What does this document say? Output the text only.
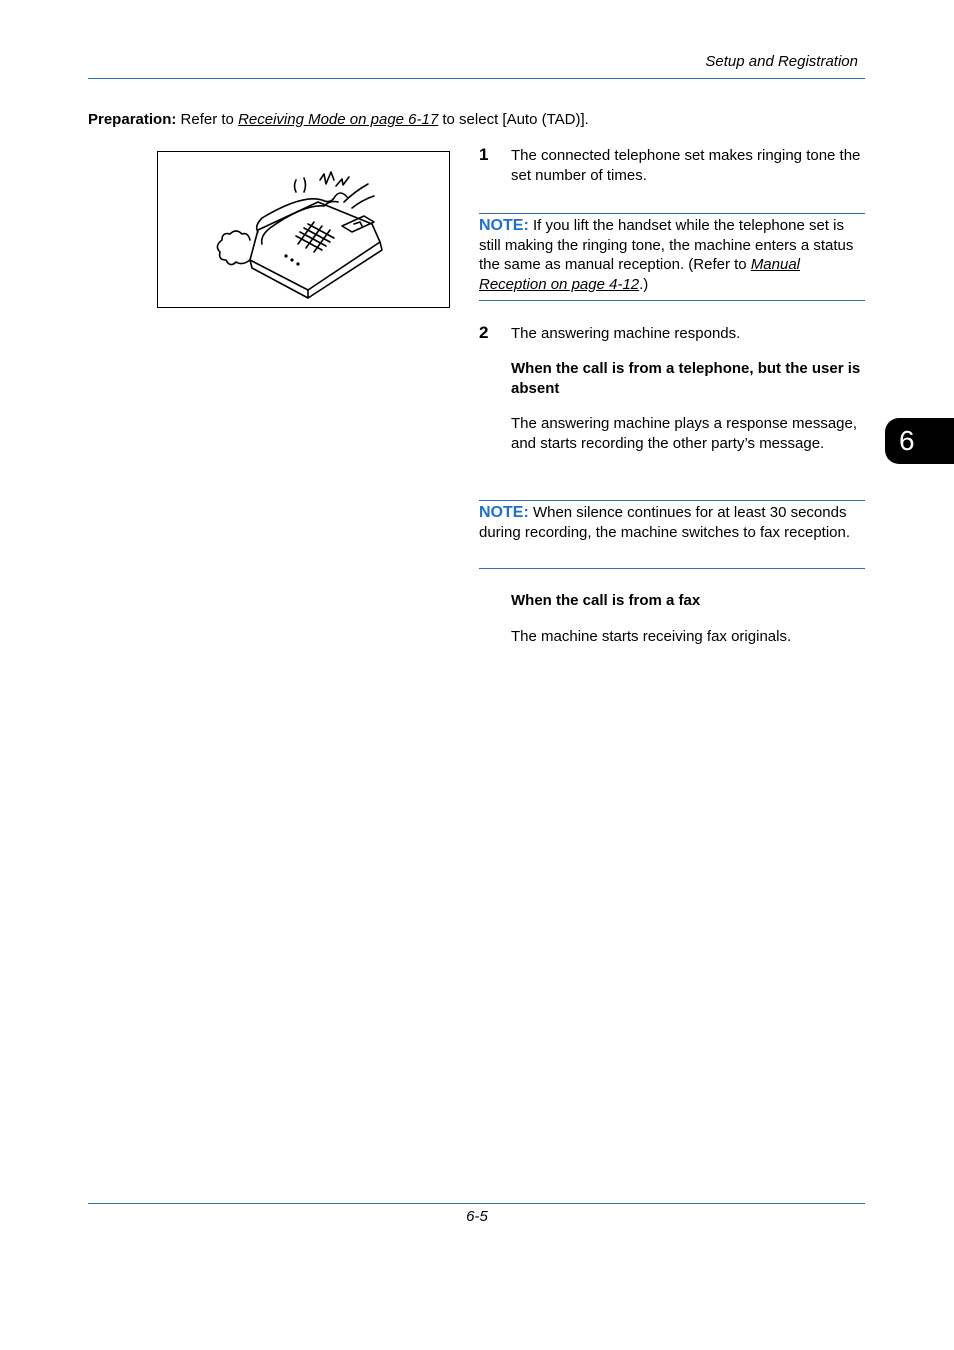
Setup and Registration
Preparation: Refer to Receiving Mode on page 6-17 to select [Auto (TAD)].
1 The connected telephone set makes ringing tone the set number of times.
NOTE: If you lift the handset while the telephone set is still making the ringing tone, the machine enters a status the same as manual reception. (Refer to Manual Reception on page 4-12.)
2 The answering machine responds.
When the call is from a telephone, but the user is absent
The answering machine plays a response message, and starts recording the other party’s message.
NOTE: When silence continues for at least 30 seconds during recording, the machine switches to fax reception.
When the call is from a fax
The machine starts receiving fax originals.
6
6-5
